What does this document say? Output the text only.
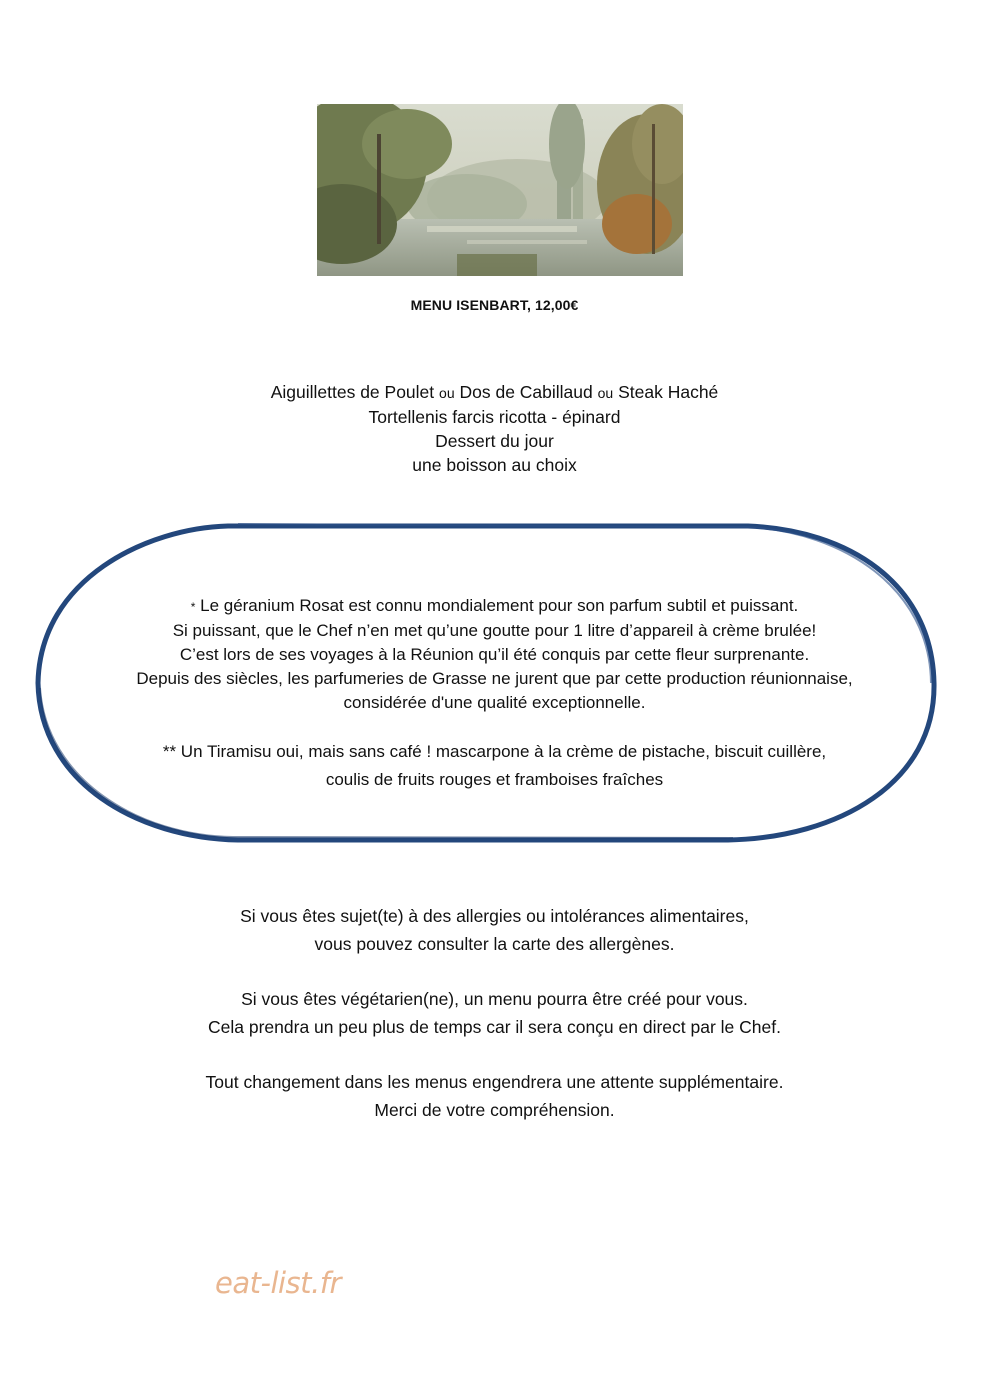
MENU ISENBART, 12,00€
Aiguillettes de Poulet ou Dos de Cabillaud ou Steak Haché
Tortellenis farcis ricotta - épinard
Dessert du jour
une boisson au choix
* Le géranium Rosat est connu mondialement pour son parfum subtil et puissant.
Si puissant, que le Chef n’en met qu’une goutte pour 1 litre d’appareil à crème brulée!
C’est lors de ses voyages à la Réunion qu’il été conquis par cette fleur surprenante.
Depuis des siècles, les parfumeries de Grasse ne jurent que par cette production réunionnaise,
considérée d'une qualité exceptionnelle.
** Un Tiramisu oui, mais sans café ! mascarpone à la crème de pistache, biscuit cuillère,
coulis de fruits rouges et framboises fraîches
Si vous êtes sujet(te) à des allergies ou intolérances alimentaires,
vous pouvez consulter la carte des allergènes.
Si vous êtes végétarien(ne), un menu pourra être créé pour vous.
Cela prendra un peu plus de temps car il sera conçu en direct par le Chef.
Tout changement dans les menus engendrera une attente supplémentaire.
Merci de votre compréhension.
eat-list.fr
